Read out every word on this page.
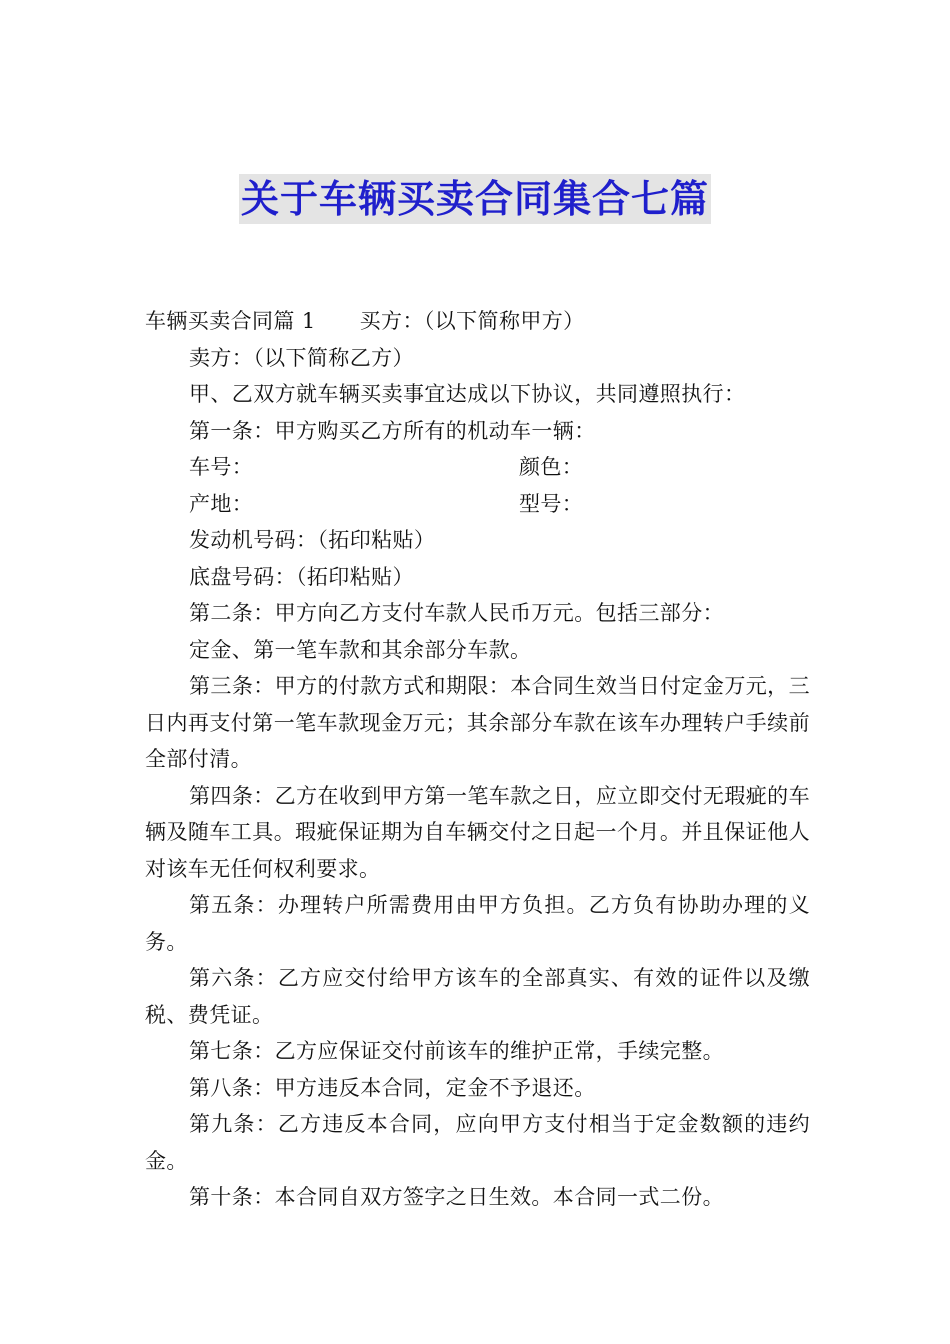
关于车辆买卖合同集合七篇

车辆买卖合同篇 1 买方：（以下简称甲方）

卖方：（以下简称乙方）

甲、乙双方就车辆买卖事宜达成以下协议，共同遵照执行：

第一条：甲方购买乙方所有的机动车一辆：

车号：	颜色：
产地：	型号：

发动机号码：（拓印粘贴）

底盘号码：（拓印粘贴）

第二条：甲方向乙方支付车款人民币万元。包括三部分：

定金、第一笔车款和其余部分车款。

第三条：甲方的付款方式和期限：本合同生效当日付定金万元，三日内再支付第一笔车款现金万元；其余部分车款在该车办理转户手续前全部付清。

第四条：乙方在收到甲方第一笔车款之日，应立即交付无瑕疵的车辆及随车工具。瑕疵保证期为自车辆交付之日起一个月。并且保证他人对该车无任何权利要求。

第五条：办理转户所需费用由甲方负担。乙方负有协助办理的义务。

第六条：乙方应交付给甲方该车的全部真实、有效的证件以及缴税、费凭证。

第七条：乙方应保证交付前该车的维护正常，手续完整。

第八条：甲方违反本合同，定金不予退还。

第九条：乙方违反本合同，应向甲方支付相当于定金数额的违约金。

第十条：本合同自双方签字之日生效。本合同一式二份。
